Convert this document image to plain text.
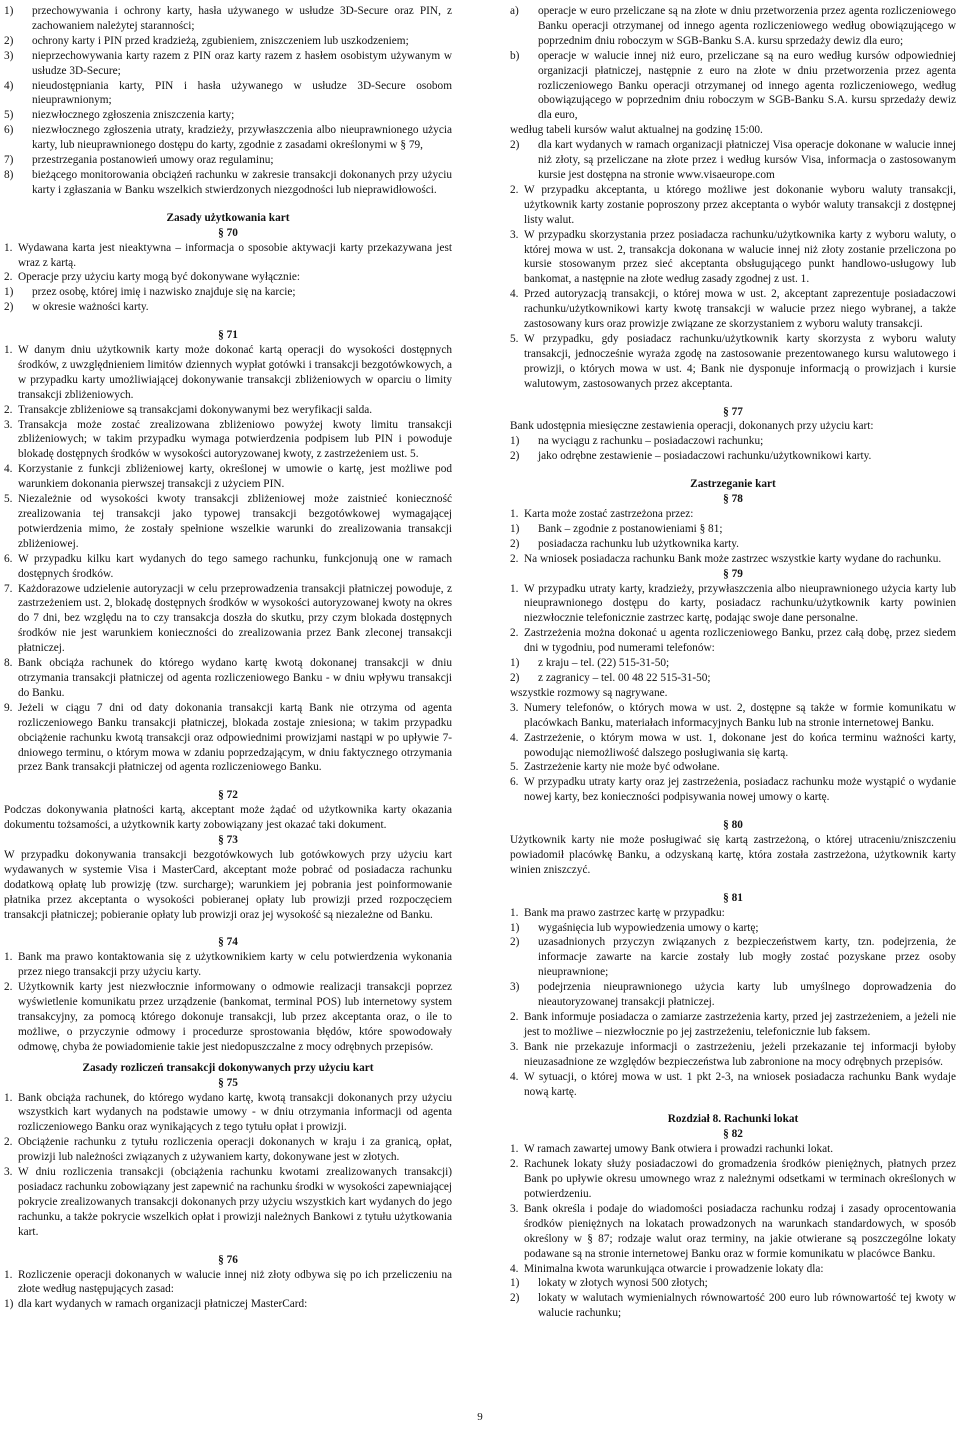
1)	przechowywania i ochrony karty, hasła używanego w usłudze 3D-Secure oraz PIN, z zachowaniem należytej staranności;
2)	ochrony karty i PIN przed kradzieżą, zgubieniem, zniszczeniem lub uszkodzeniem;
3)	nieprzechowywania karty razem z PIN oraz karty razem z hasłem osobistym używanym w usłudze 3D-Secure;
4)	nieudostępniania karty, PIN i hasła używanego w usłudze 3D-Secure osobom nieuprawnionym;
5)	niezwłocznego zgłoszenia zniszczenia karty;
6)	niezwłocznego zgłoszenia utraty, kradzieży, przywłaszczenia albo nieuprawnionego użycia karty, lub nieuprawnionego dostępu do karty, zgodnie z zasadami określonymi w § 79,
7)	przestrzegania postanowień umowy oraz regulaminu;
8)	bieżącego monitorowania obciążeń rachunku w zakresie transakcji dokonanych przy użyciu karty i zgłaszania w Banku wszelkich stwierdzonych niezgodności lub nieprawidłowości.
Zasady użytkowania kart
§ 70
1. Wydawana karta jest nieaktywna – informacja o sposobie aktywacji karty przekazywana jest wraz z kartą.
2. Operacje przy użyciu karty mogą być dokonywane wyłącznie:
1)	przez osobę, której imię i nazwisko znajduje się na karcie;
2)	w okresie ważności karty.
§ 71
1. W danym dniu użytkownik karty może dokonać kartą operacji do wysokości dostępnych środków, z uwzględnieniem limitów dziennych wypłat gotówki i transakcji bezgotówkowych, a w przypadku karty umożliwiającej dokonywanie transakcji zbliżeniowych w oparciu o limity transakcji zbliżeniowych.
2. Transakcje zbliżeniowe są transakcjami dokonywanymi bez weryfikacji salda.
3. Transakcja może zostać zrealizowana zbliżeniowo powyżej kwoty limitu transakcji zbliżeniowych; w takim przypadku wymaga potwierdzenia podpisem lub PIN i powoduje blokadę dostępnych środków w wysokości autoryzowanej kwoty, z zastrzeżeniem ust. 5.
4. Korzystanie z funkcji zbliżeniowej karty, określonej w umowie o kartę, jest możliwe pod warunkiem dokonania pierwszej transakcji z użyciem PIN.
5. Niezależnie od wysokości kwoty transakcji zbliżeniowej może zaistnieć konieczność zrealizowania tej transakcji jako typowej transakcji bezgotówkowej wymagającej potwierdzenia mimo, że zostały spełnione wszelkie warunki do zrealizowania transakcji zbliżeniowej.
6. W przypadku kilku kart wydanych do tego samego rachunku, funkcjonują one w ramach dostępnych środków.
7. Każdorazowe udzielenie autoryzacji w celu przeprowadzenia transakcji płatniczej powoduje, z zastrzeżeniem ust. 2, blokadę dostępnych środków w wysokości autoryzowanej kwoty na okres do 7 dni, bez względu na to czy transakcja doszła do skutku, przy czym blokada dostępnych środków nie jest warunkiem konieczności do zrealizowania przez Bank zleconej transakcji płatniczej.
8. Bank obciąża rachunek do którego wydano kartę kwotą dokonanej transakcji w dniu otrzymania transakcji płatniczej od agenta rozliczeniowego Banku - w dniu wpływu transakcji do Banku.
9. Jeżeli w ciągu 7 dni od daty dokonania transakcji kartą Bank nie otrzyma od agenta rozliczeniowego Banku transakcji płatniczej, blokada zostaje zniesiona; w takim przypadku obciążenie rachunku kwotą transakcji oraz odpowiednimi prowizjami nastąpi w po upływie 7-dniowego terminu, o którym mowa w zdaniu poprzedzającym, w dniu faktycznego otrzymania przez Bank transakcji płatniczej od agenta rozliczeniowego Banku.
§ 72

Podczas dokonywania płatności kartą, akceptant może żądać od użytkownika karty okazania dokumentu tożsamości, a użytkownik karty zobowiązany jest okazać taki dokument.

§ 73

W przypadku dokonywania transakcji bezgotówkowych lub gotówkowych przy użyciu kart wydawanych w systemie Visa i MasterCard, akceptant może pobrać od posiadacza rachunku dodatkową opłatę lub prowizję (tzw. surcharge); warunkiem jej pobrania jest poinformowanie płatnika przez akceptanta o wysokości pobieranej opłaty lub prowizji przed rozpoczęciem transakcji płatniczej; pobieranie opłaty lub prowizji oraz jej wysokość są niezależne od Banku.

§ 74
1. Bank ma prawo kontaktowania się z użytkownikiem karty w celu potwierdzenia wykonania przez niego transakcji przy użyciu karty.
2. Użytkownik karty jest niezwłocznie informowany o odmowie realizacji transakcji poprzez wyświetlenie komunikatu przez urządzenie (bankomat, terminal POS) lub internetowy system transakcyjny, za pomocą którego dokonuje transakcji, lub przez akceptanta oraz, o ile to możliwe, o przyczynie odmowy i procedurze sprostowania błędów, które spowodowały odmowę, chyba że powiadomienie takie jest niedopuszczalne z mocy odrębnych przepisów.
Zasady rozliczeń transakcji dokonywanych przy użyciu kart
§ 75
1. Bank obciąża rachunek, do którego wydano kartę, kwotą transakcji dokonanych przy użyciu wszystkich kart wydanych na podstawie umowy - w dniu otrzymania informacji od agenta rozliczeniowego Banku oraz wynikających z tego tytułu opłat i prowizji.
2. Obciążenie rachunku z tytułu rozliczenia operacji dokonanych w kraju i za granicą, opłat, prowizji lub należności związanych z używaniem karty, dokonywane jest w złotych.
3. W dniu rozliczenia transakcji (obciążenia rachunku kwotami zrealizowanych transakcji) posiadacz rachunku zobowiązany jest zapewnić na rachunku środki w wysokości zapewniającej pokrycie zrealizowanych transakcji dokonanych przy użyciu wszystkich kart wydanych do jego rachunku, a także pokrycie wszelkich opłat i prowizji należnych Bankowi z tytułu użytkowania kart.
§ 76
1. Rozliczenie operacji dokonanych w walucie innej niż złoty odbywa się po ich przeliczeniu na złote według następujących zasad:
1) dla kart wydanych w ramach organizacji płatniczej MasterCard:
a)	operacje w euro przeliczane są na złote w dniu przetworzenia przez agenta rozliczeniowego Banku operacji otrzymanej od innego agenta rozliczeniowego według obowiązującego w poprzednim dniu roboczym w SGB-Banku S.A. kursu sprzedaży dewiz dla euro;
b)	operacje w walucie innej niż euro, przeliczane są na euro według kursów odpowiedniej organizacji płatniczej, następnie z euro na złote w dniu przetworzenia przez agenta rozliczeniowego Banku operacji otrzymanej od innego agenta rozliczeniowego, według obowiązującego w poprzednim dniu roboczym w SGB-Banku S.A. kursu sprzedaży dewiz dla euro,

według tabeli kursów walut aktualnej na godzinę 15:00.

2)	dla kart wydanych w ramach organizacji płatniczej Visa operacje dokonane w walucie innej niż złoty, są przeliczane na złote przez i według kursów Visa, informacja o zastosowanym kursie jest dostępna na stronie www.visaeurope.com
2. W przypadku akceptanta, u którego możliwe jest dokonanie wyboru waluty transakcji, użytkownik karty zostanie poproszony przez akceptanta o wybór waluty transakcji z dostępnej listy walut.
3. W przypadku skorzystania przez posiadacza rachunku/użytkownika karty z wyboru waluty, o której mowa w ust. 2, transakcja dokonana w walucie innej niż złoty zostanie przeliczona po kursie stosowanym przez sieć akceptanta obsługującego punkt handlowo-usługowy lub bankomat, a następnie na złote według zasady zgodnej z ust. 1.
4. Przed autoryzacją transakcji, o której mowa w ust. 2, akceptant zaprezentuje posiadaczowi rachunku/użytkownikowi karty kwotę transakcji w walucie przez niego wybranej, a także zastosowany kurs oraz prowizje związane ze skorzystaniem z wyboru waluty transakcji.
5. W przypadku, gdy posiadacz rachunku/użytkownik karty skorzysta z wyboru waluty transakcji, jednocześnie wyraża zgodę na zastosowanie prezentowanego kursu walutowego i prowizji, o których mowa w ust. 4; Bank nie dysponuje informacją o prowizjach i kursie walutowym, zastosowanych przez akceptanta.
§ 77

Bank udostępnia miesięczne zestawienia operacji, dokonanych przy użyciu kart:

1)	na wyciągu z rachunku – posiadaczowi rachunku;
2)	jako odrębne zestawienie – posiadaczowi rachunku/użytkownikowi karty.
Zastrzeganie kart
§ 78
1. Karta może zostać zastrzeżona przez:
1)	Bank – zgodnie z postanowieniami § 81;
2)	posiadacza rachunku lub użytkownika karty.
2. Na wniosek posiadacza rachunku Bank może zastrzec wszystkie karty wydane do rachunku.
§ 79
1. W przypadku utraty karty, kradzieży, przywłaszczenia albo nieuprawnionego użycia karty lub nieuprawnionego dostępu do karty, posiadacz rachunku/użytkownik karty powinien niezwłocznie telefonicznie zastrzec kartę, podając swoje dane personalne.
2. Zastrzeżenia można dokonać u agenta rozliczeniowego Banku, przez całą dobę, przez siedem dni w tygodniu, pod numerami telefonów:
1)	z kraju – tel. (22) 515-31-50;
2)	z zagranicy – tel. 00 48 22 515-31-50;

wszystkie rozmowy są nagrywane.

3. Numery telefonów, o których mowa w ust. 2, dostępne są także w formie komunikatu w placówkach Banku, materiałach informacyjnych Banku lub na stronie internetowej Banku.
4. Zastrzeżenie, o którym mowa w ust. 1, dokonane jest do końca terminu ważności karty, powodując niemożliwość dalszego posługiwania się kartą.
5. Zastrzeżenie karty nie może być odwołane.
6. W przypadku utraty karty oraz jej zastrzeżenia, posiadacz rachunku może wystąpić o wydanie nowej karty, bez konieczności podpisywania nowej umowy o kartę.
§ 80

Użytkownik karty nie może posługiwać się kartą zastrzeżoną, o której utraceniu/zniszczeniu powiadomił placówkę Banku, a odzyskaną kartę, która została zastrzeżona, użytkownik karty winien zniszczyć.

§ 81
1. Bank ma prawo zastrzec kartę w przypadku:
1)	wygaśnięcia lub wypowiedzenia umowy o kartę;
2)	uzasadnionych przyczyn związanych z bezpieczeństwem karty, tzn. podejrzenia, że informacje zawarte na karcie zostały lub mogły zostać pozyskane przez osoby nieuprawnione;
3)	podejrzenia nieuprawnionego użycia karty lub umyślnego doprowadzenia do nieautoryzowanej transakcji płatniczej.
2. Bank informuje posiadacza o zamiarze zastrzeżenia karty, przed jej zastrzeżeniem, a jeżeli nie jest to możliwe – niezwłocznie po jej zastrzeżeniu, telefonicznie lub faksem.
3. Bank nie przekazuje informacji o zastrzeżeniu, jeżeli przekazanie tej informacji byłoby nieuzasadnione ze względów bezpieczeństwa lub zabronione na mocy odrębnych przepisów.
4. W sytuacji, o której mowa w ust. 1 pkt 2-3, na wniosek posiadacza rachunku Bank wydaje nową kartę.
Rozdział 8. Rachunki lokat
§ 82
1. W ramach zawartej umowy Bank otwiera i prowadzi rachunki lokat.
2. Rachunek lokaty służy posiadaczowi do gromadzenia środków pieniężnych, płatnych przez Bank po upływie okresu umownego wraz z należnymi odsetkami w terminach określonych w potwierdzeniu.
3. Bank określa i podaje do wiadomości posiadacza rachunku rodzaj i zasady oprocentowania środków pieniężnych na lokatach prowadzonych na warunkach standardowych, w sposób określony w § 87; rodzaje walut oraz terminy, na jakie otwierane są poszczególne lokaty podawane są na stronie internetowej Banku oraz w formie komunikatu w placówce Banku.
4. Minimalna kwota warunkująca otwarcie i prowadzenie lokaty dla:
1)	lokaty w złotych wynosi 500 złotych;
2)	lokaty w walutach wymienialnych równowartość 200 euro lub równowartość tej kwoty w walucie rachunku;
9
